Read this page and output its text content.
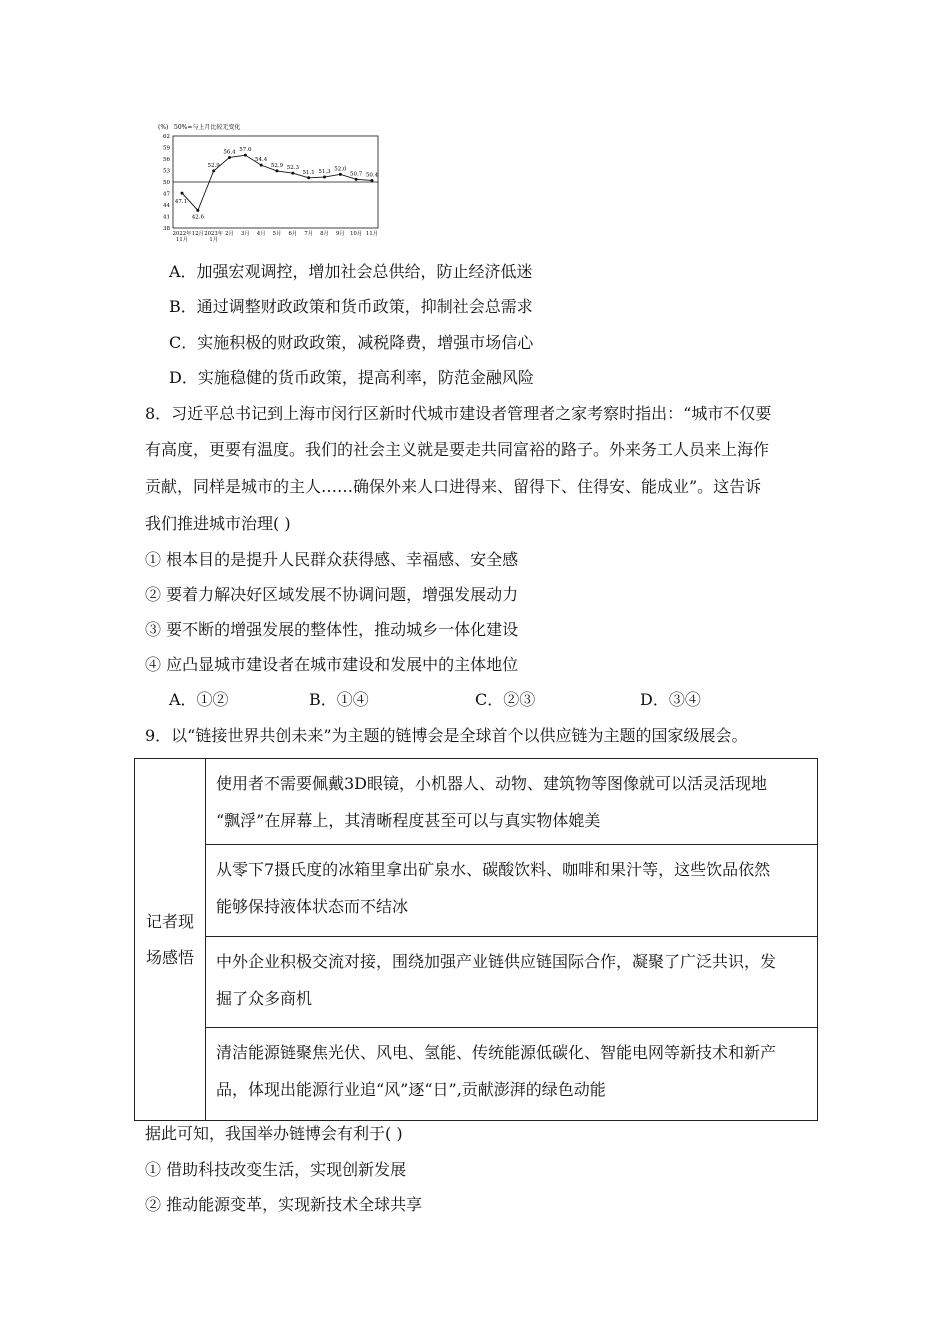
(%) 50%=与上月比较无变化
62
59
56
53
50
47
44
41
38
2022年
11月
12月 2023年
1月
2月 3月 4月 5月 6月 7月 8月 9月 10月 11月
47.1
42.6
52.9
56.4 57.0
54.4
52.9 52.3
51.1 51.3 52.0
50.7 50.4
A．加强宏观调控，增加社会总供给，防止经济低迷
B．通过调整财政政策和货币政策，抑制社会总需求
C．实施积极的财政政策，减税降费，增强市场信心
D．实施稳健的货币政策，提高利率，防范金融风险
8．习近平总书记到上海市闵行区新时代城市建设者管理者之家考察时指出：“城市不仅要
有高度，更要有温度。我们的社会主义就是要走共同富裕的路子。外来务工人员来上海作
贡献，同样是城市的主人……确保外来人口进得来、留得下、住得安、能成业”。这告诉
我们推进城市治理( )
① 根本目的是提升人民群众获得感、幸福感、安全感
② 要着力解决好区域发展不协调问题，增强发展动力
③ 要不断的增强发展的整体性，推动城乡一体化建设
④ 应凸显城市建设者在城市建设和发展中的主体地位
A．①②	B．①④	C．②③	D．③④
9．以“链接世界共创未来”为主题的链博会是全球首个以供应链为主题的国家级展会。
记者现
场感悟

使用者不需要佩戴3D眼镜，小机器人、动物、建筑物等图像就可以活灵活现地
“飘浮”在屏幕上，其清晰程度甚至可以与真实物体媲美

从零下7摄氏度的冰箱里拿出矿泉水、碳酸饮料、咖啡和果汁等，这些饮品依然
能够保持液体状态而不结冰

中外企业积极交流对接，围绕加强产业链供应链国际合作，凝聚了广泛共识，发
掘了众多商机

清洁能源链聚焦光伏、风电、氢能、传统能源低碳化、智能电网等新技术和新产
品，体现出能源行业追“风”逐“日”,贡献澎湃的绿色动能
据此可知，我国举办链博会有利于( )
① 借助科技改变生活，实现创新发展
② 推动能源变革，实现新技术全球共享
